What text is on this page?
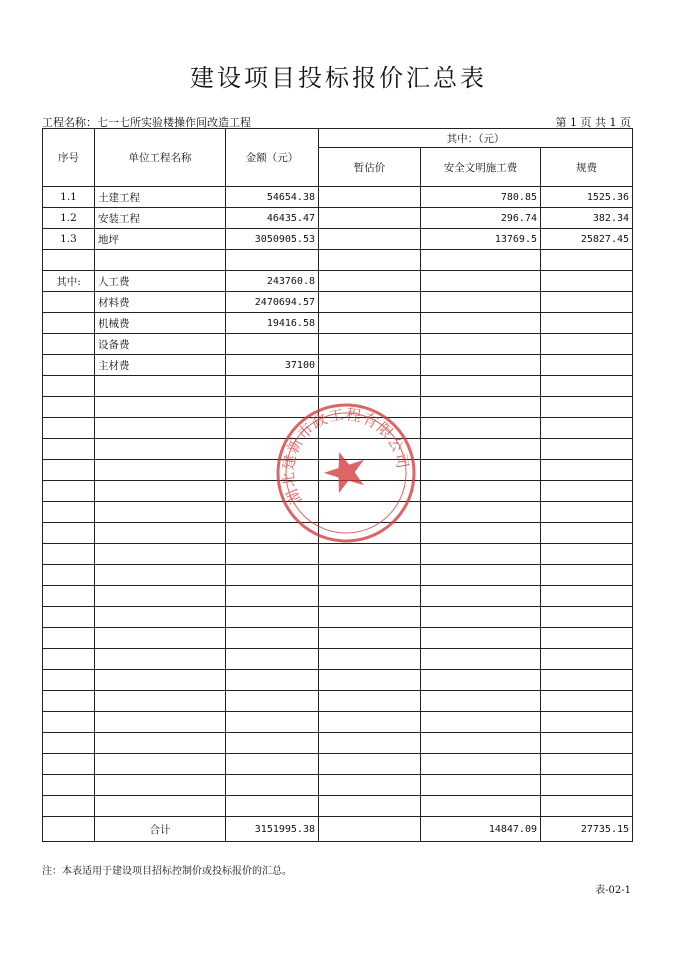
建设项目投标报价汇总表
工程名称：七一七所实验楼操作间改造工程	第 1 页 共 1 页
序号	单位工程名称	金额（元）	其中：（元）		
			暂估价	安全文明施工费	规费
1.1	土建工程	54654.38		780.85	1525.36
1.2	安装工程	46435.47		296.74	382.34
1.3	地坪	3050905.53		13769.5	25827.45

其中:	人工费	243760.8			
	材料费	2470694.57			
	机械费	19416.58			
	设备费				
	主材费	37100			

	合计	3151995.38		14847.09	27735.15
湖北建新市政工程有限公司
注：本表适用于建设项目招标控制价或投标报价的汇总。
表-02-1
